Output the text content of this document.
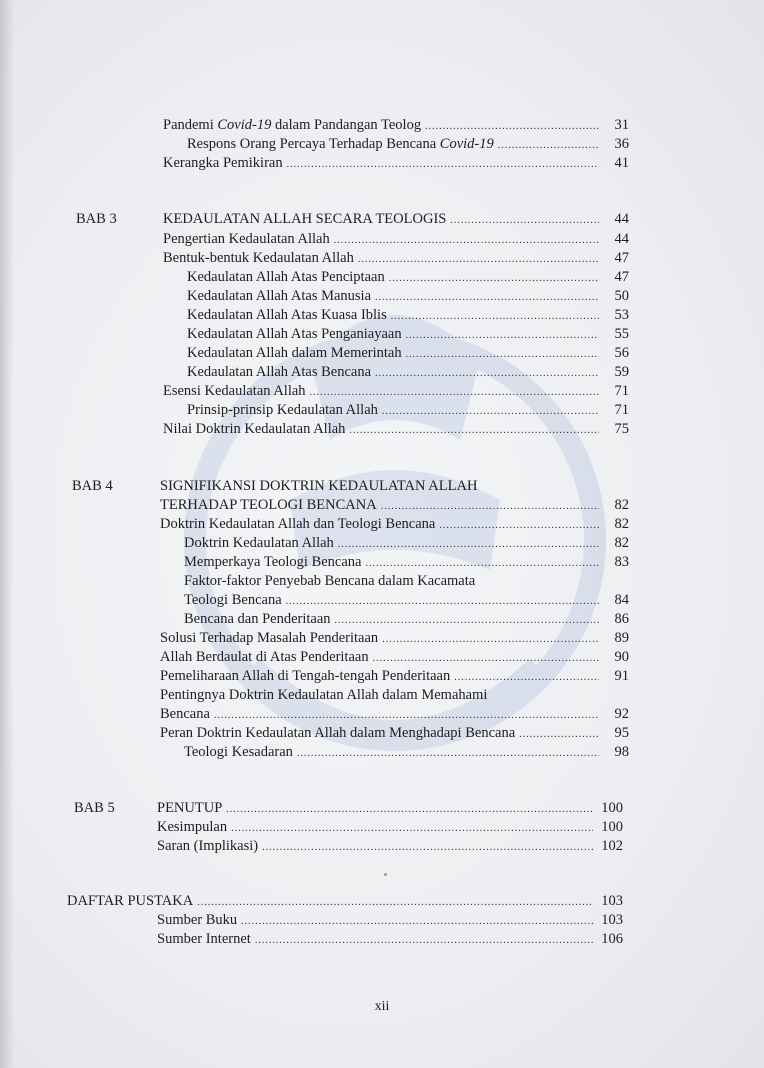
Pandemi Covid-19 dalam Pandangan Teolog .....	31
Respons Orang Percaya Terhadap Bencana Covid-19 .....	36
Kerangka Pemikiran .....	41
BAB 3	KEDAULATAN ALLAH SECARA TEOLOGIS .....	44
Pengertian Kedaulatan Allah .....	44
Bentuk-bentuk Kedaulatan Allah .....	47
Kedaulatan Allah Atas Penciptaan .....	47
Kedaulatan Allah Atas Manusia .....	50
Kedaulatan Allah Atas Kuasa Iblis .....	53
Kedaulatan Allah Atas Penganiayaan .....	55
Kedaulatan Allah dalam Memerintah .....	56
Kedaulatan Allah Atas Bencana .....	59
Esensi Kedaulatan Allah .....	71
Prinsip-prinsip Kedaulatan Allah .....	71
Nilai Doktrin Kedaulatan Allah .....	75
BAB 4	SIGNIFIKANSI DOKTRIN KEDAULATAN ALLAH
TERHADAP TEOLOGI BENCANA .....	82
Doktrin Kedaulatan Allah dan Teologi Bencana .....	82
Doktrin Kedaulatan Allah .....	82
Memperkaya Teologi Bencana .....	83
Faktor-faktor Penyebab Bencana dalam Kacamata
Teologi Bencana .....	84
Bencana dan Penderitaan .....	86
Solusi Terhadap Masalah Penderitaan .....	89
Allah Berdaulat di Atas Penderitaan .....	90
Pemeliharaan Allah di Tengah-tengah Penderitaan .....	91
Pentingnya Doktrin Kedaulatan Allah dalam Memahami
Bencana .....	92
Peran Doktrin Kedaulatan Allah dalam Menghadapi Bencana .....	95
Teologi Kesadaran .....	98
BAB 5	PENUTUP .....	100
Kesimpulan .....	100
Saran (Implikasi) .....	102
DAFTAR PUSTAKA .....	103
Sumber Buku .....	103
Sumber Internet .....	106
xii
